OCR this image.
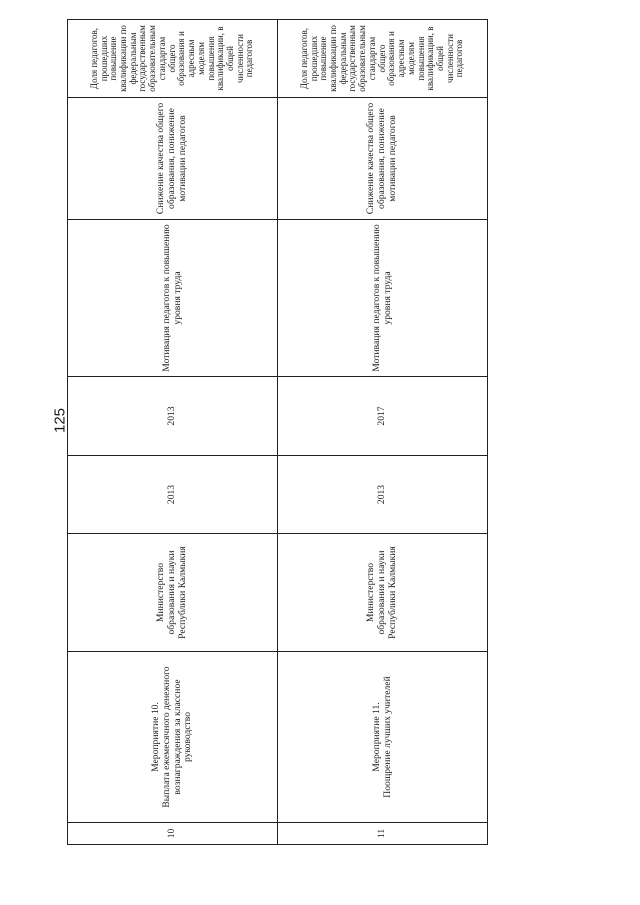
125
10	Мероприятие 10.
Выплата ежемесячного денежного вознаграждения за классное руководство	Министерство
образования и науки
Республики Калмыкия	2013	2013	Мотивация педагогов к повышению уровня труда	Снижение качества общего образования, понижение мотивации педагогов	Доля педагогов, прошедших повышение квалификации по федеральным государственным образовательным стандартам общего образования и адресным моделям повышения квалификации, в общей численности педагогов
11	Мероприятие 11.
Поощрение лучших учителей	Министерство
образования и науки
Республики Калмыкия	2013	2017	Мотивация педагогов к повышению уровня труда	Снижение качества общего образования, понижение мотивации педагогов	Доля педагогов, прошедших повышение квалификации по федеральным государственным образовательным стандартам общего образования и адресным моделям повышения квалификации, в общей численности педагогов
